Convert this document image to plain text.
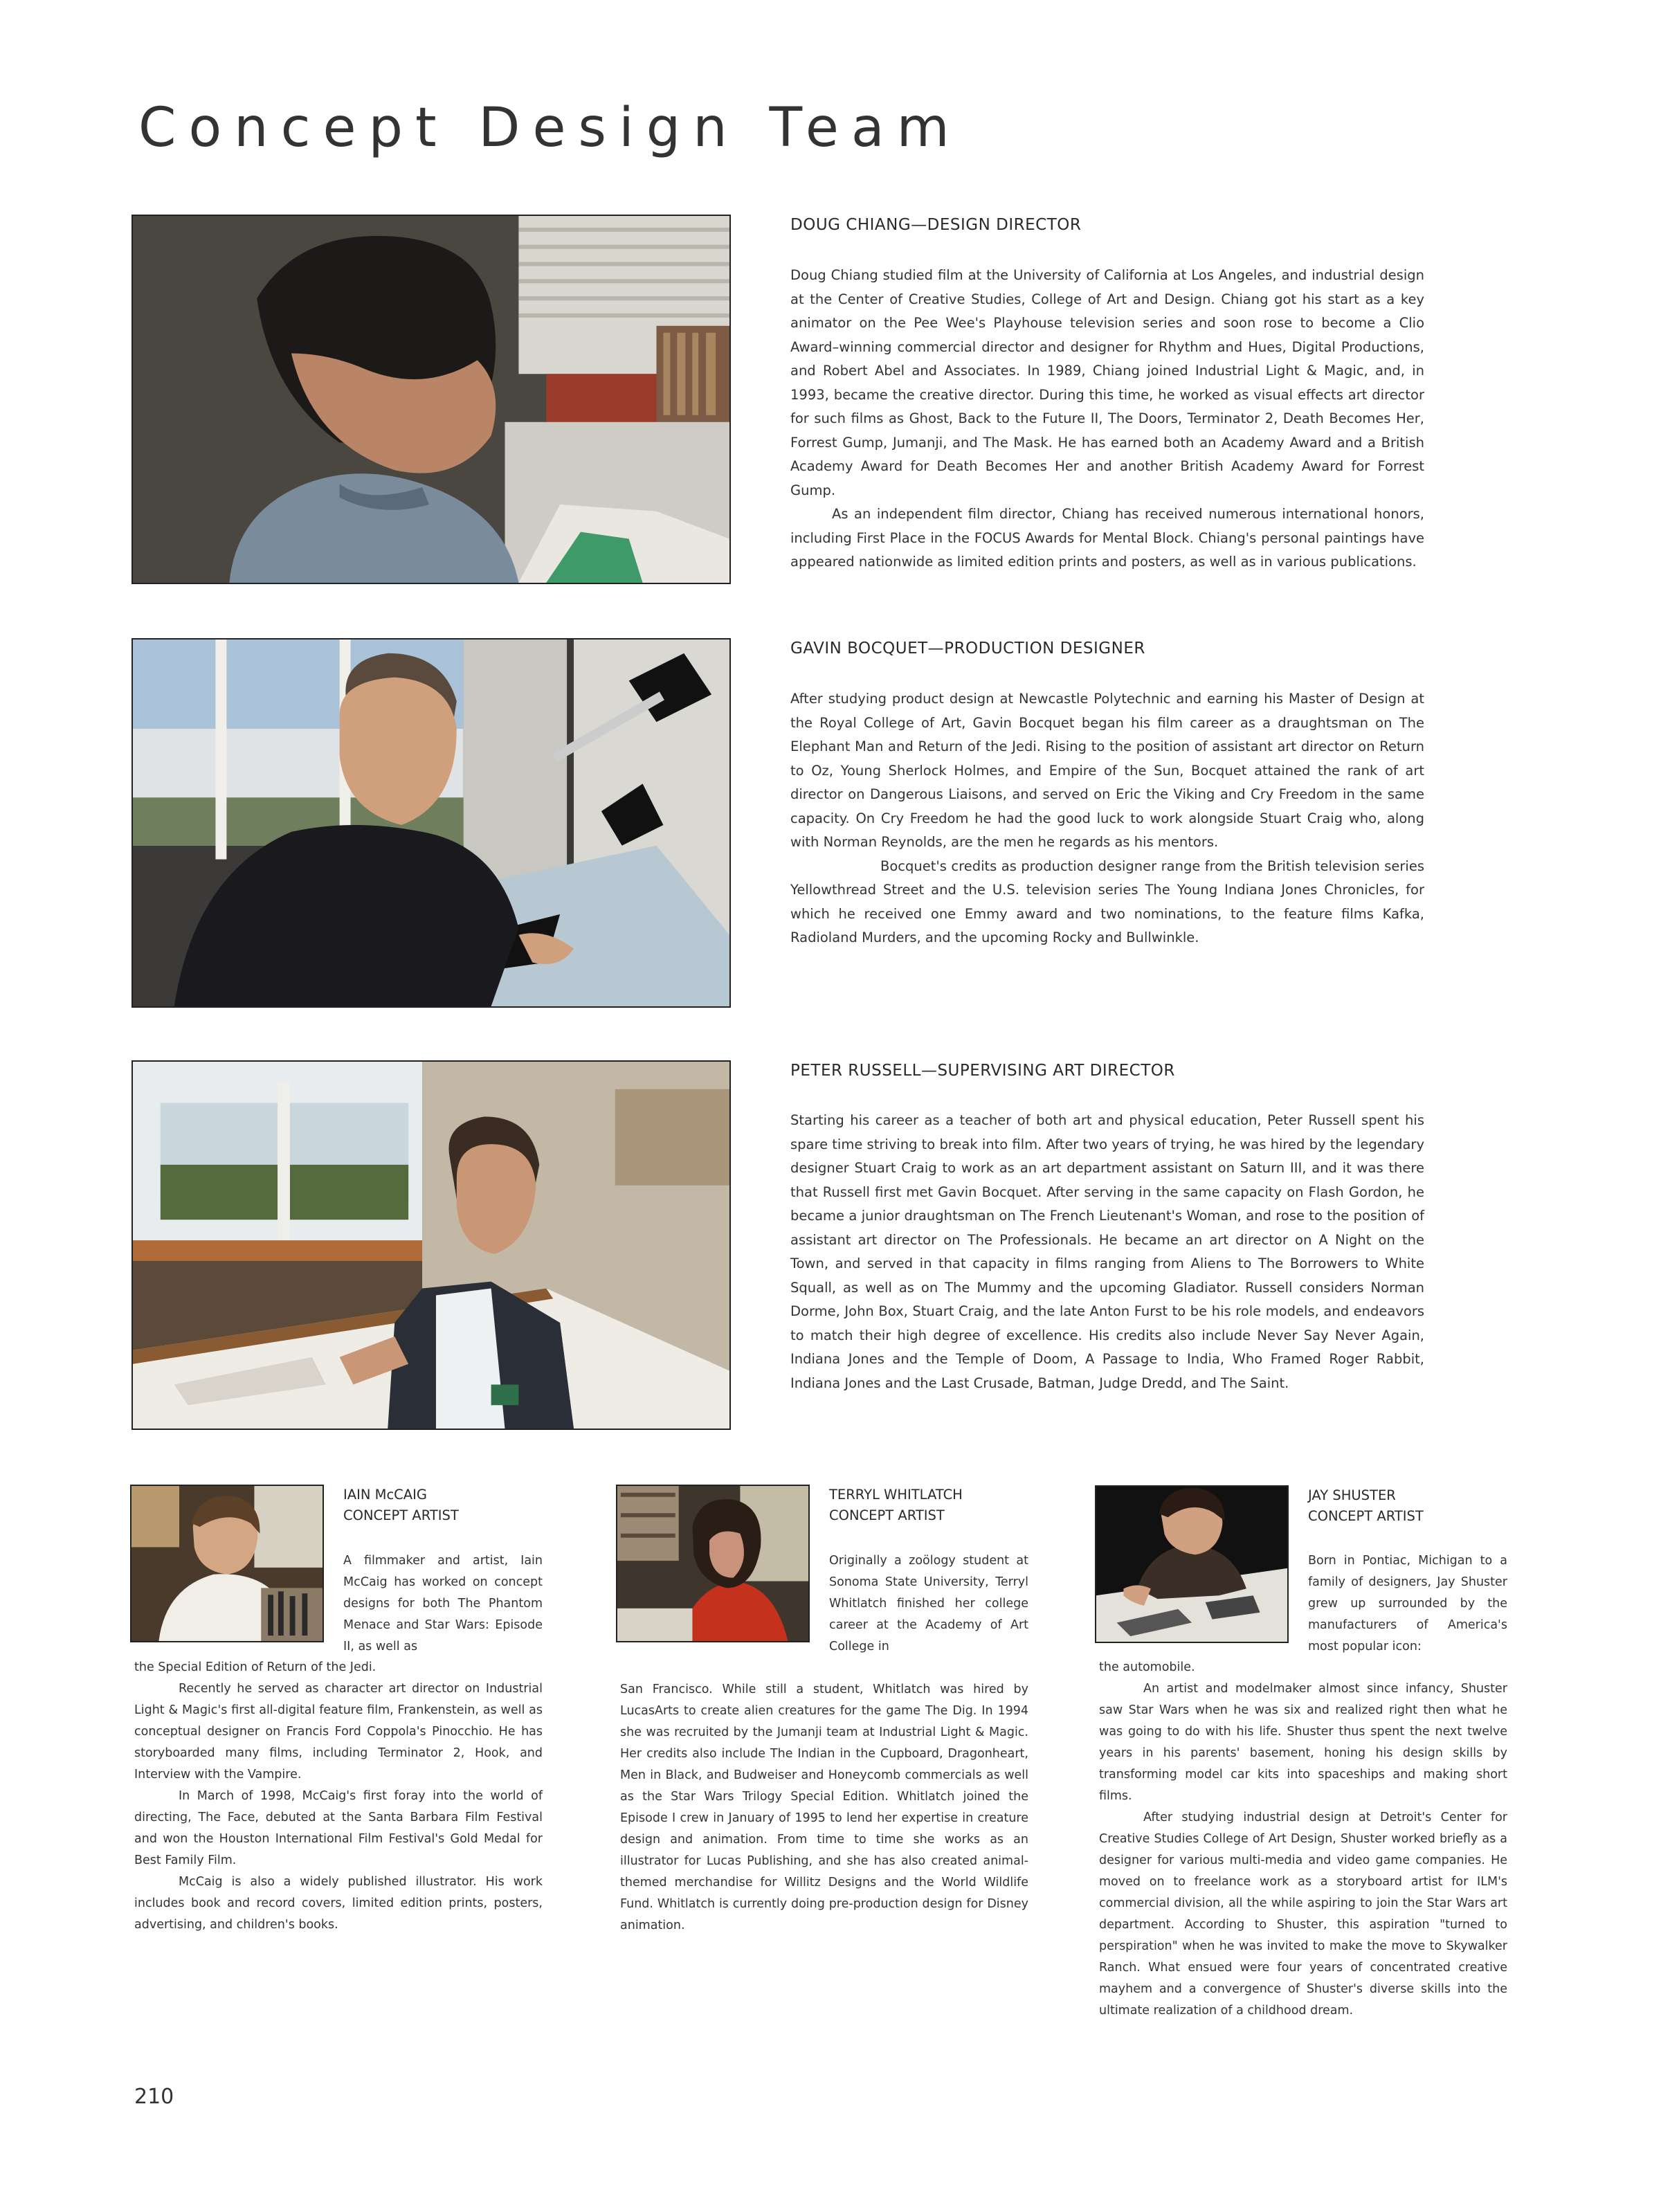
Concept Design Team
DOUG CHIANG—DESIGN DIRECTOR

Doug Chiang studied film at the University of California at Los Angeles, and industrial design at the Center of Creative Studies, College of Art and Design. Chiang got his start as a key animator on the Pee Wee's Playhouse television series and soon rose to become a Clio Award–winning commercial director and designer for Rhythm and Hues, Digital Productions, and Robert Abel and Associates. In 1989, Chiang joined Industrial Light & Magic, and, in 1993, became the creative director. During this time, he worked as visual effects art director for such films as Ghost, Back to the Future II, The Doors, Terminator 2, Death Becomes Her, Forrest Gump, Jumanji, and The Mask. He has earned both an Academy Award and a British Academy Award for Death Becomes Her and another British Academy Award for Forrest Gump.

As an independent film director, Chiang has received numerous international honors, including First Place in the FOCUS Awards for Mental Block. Chiang's personal paintings have appeared nationwide as limited edition prints and posters, as well as in various publications.

GAVIN BOCQUET—PRODUCTION DESIGNER

After studying product design at Newcastle Polytechnic and earning his Master of Design at the Royal College of Art, Gavin Bocquet began his film career as a draughtsman on The Elephant Man and Return of the Jedi. Rising to the position of assistant art director on Return to Oz, Young Sherlock Holmes, and Empire of the Sun, Bocquet attained the rank of art director on Dangerous Liaisons, and served on Eric the Viking and Cry Freedom in the same capacity. On Cry Freedom he had the good luck to work alongside Stuart Craig who, along with Norman Reynolds, are the men he regards as his mentors.

Bocquet's credits as production designer range from the British television series Yellowthread Street and the U.S. television series The Young Indiana Jones Chronicles, for which he received one Emmy award and two nominations, to the feature films Kafka, Radioland Murders, and the upcoming Rocky and Bullwinkle.

PETER RUSSELL—SUPERVISING ART DIRECTOR

Starting his career as a teacher of both art and physical education, Peter Russell spent his spare time striving to break into film. After two years of trying, he was hired by the legendary designer Stuart Craig to work as an art department assistant on Saturn III, and it was there that Russell first met Gavin Bocquet. After serving in the same capacity on Flash Gordon, he became a junior draughtsman on The French Lieutenant's Woman, and rose to the position of assistant art director on The Professionals. He became an art director on A Night on the Town, and served in that capacity in films ranging from Aliens to The Borrowers to White Squall, as well as on The Mummy and the upcoming Gladiator. Russell considers Norman Dorme, John Box, Stuart Craig, and the late Anton Furst to be his role models, and endeavors to match their high degree of excellence. His credits also include Never Say Never Again, Indiana Jones and the Temple of Doom, A Passage to India, Who Framed Roger Rabbit, Indiana Jones and the Last Crusade, Batman, Judge Dredd, and The Saint.

IAIN McCAIG
CONCEPT ARTIST
A filmmaker and artist, Iain McCaig has worked on concept designs for both The Phantom Menace and Star Wars: Episode II, as well as

the Special Edition of Return of the Jedi.

Recently he served as character art director on Industrial Light & Magic's first all-digital feature film, Frankenstein, as well as conceptual designer on Francis Ford Coppola's Pinocchio. He has storyboarded many films, including Terminator 2, Hook, and Interview with the Vampire.

In March of 1998, McCaig's first foray into the world of directing, The Face, debuted at the Santa Barbara Film Festival and won the Houston International Film Festival's Gold Medal for Best Family Film.

McCaig is also a widely published illustrator. His work includes book and record covers, limited edition prints, posters, advertising, and children's books.

TERRYL WHITLATCH
CONCEPT ARTIST
Originally a zoölogy student at Sonoma State University, Terryl Whitlatch finished her college career at the Academy of Art College in

San Francisco. While still a student, Whitlatch was hired by LucasArts to create alien creatures for the game The Dig. In 1994 she was recruited by the Jumanji team at Industrial Light & Magic. Her credits also include The Indian in the Cupboard, Dragonheart, Men in Black, and Budweiser and Honeycomb commercials as well as the Star Wars Trilogy Special Edition. Whitlatch joined the Episode I crew in January of 1995 to lend her expertise in creature design and animation. From time to time she works as an illustrator for Lucas Publishing, and she has also created animal-themed merchandise for Willitz Designs and the World Wildlife Fund. Whitlatch is currently doing pre-production design for Disney animation.

JAY SHUSTER
CONCEPT ARTIST
Born in Pontiac, Michigan to a family of designers, Jay Shuster grew up surrounded by the manufacturers of America's most popular icon:

the automobile.

An artist and modelmaker almost since infancy, Shuster saw Star Wars when he was six and realized right then what he was going to do with his life. Shuster thus spent the next twelve years in his parents' basement, honing his design skills by transforming model car kits into spaceships and making short films.

After studying industrial design at Detroit's Center for Creative Studies College of Art Design, Shuster worked briefly as a designer for various multi-media and video game companies. He moved on to freelance work as a storyboard artist for ILM's commercial division, all the while aspiring to join the Star Wars art department. According to Shuster, this aspiration "turned to perspiration" when he was invited to make the move to Skywalker Ranch. What ensued were four years of concentrated creative mayhem and a convergence of Shuster's diverse skills into the ultimate realization of a childhood dream.

210
